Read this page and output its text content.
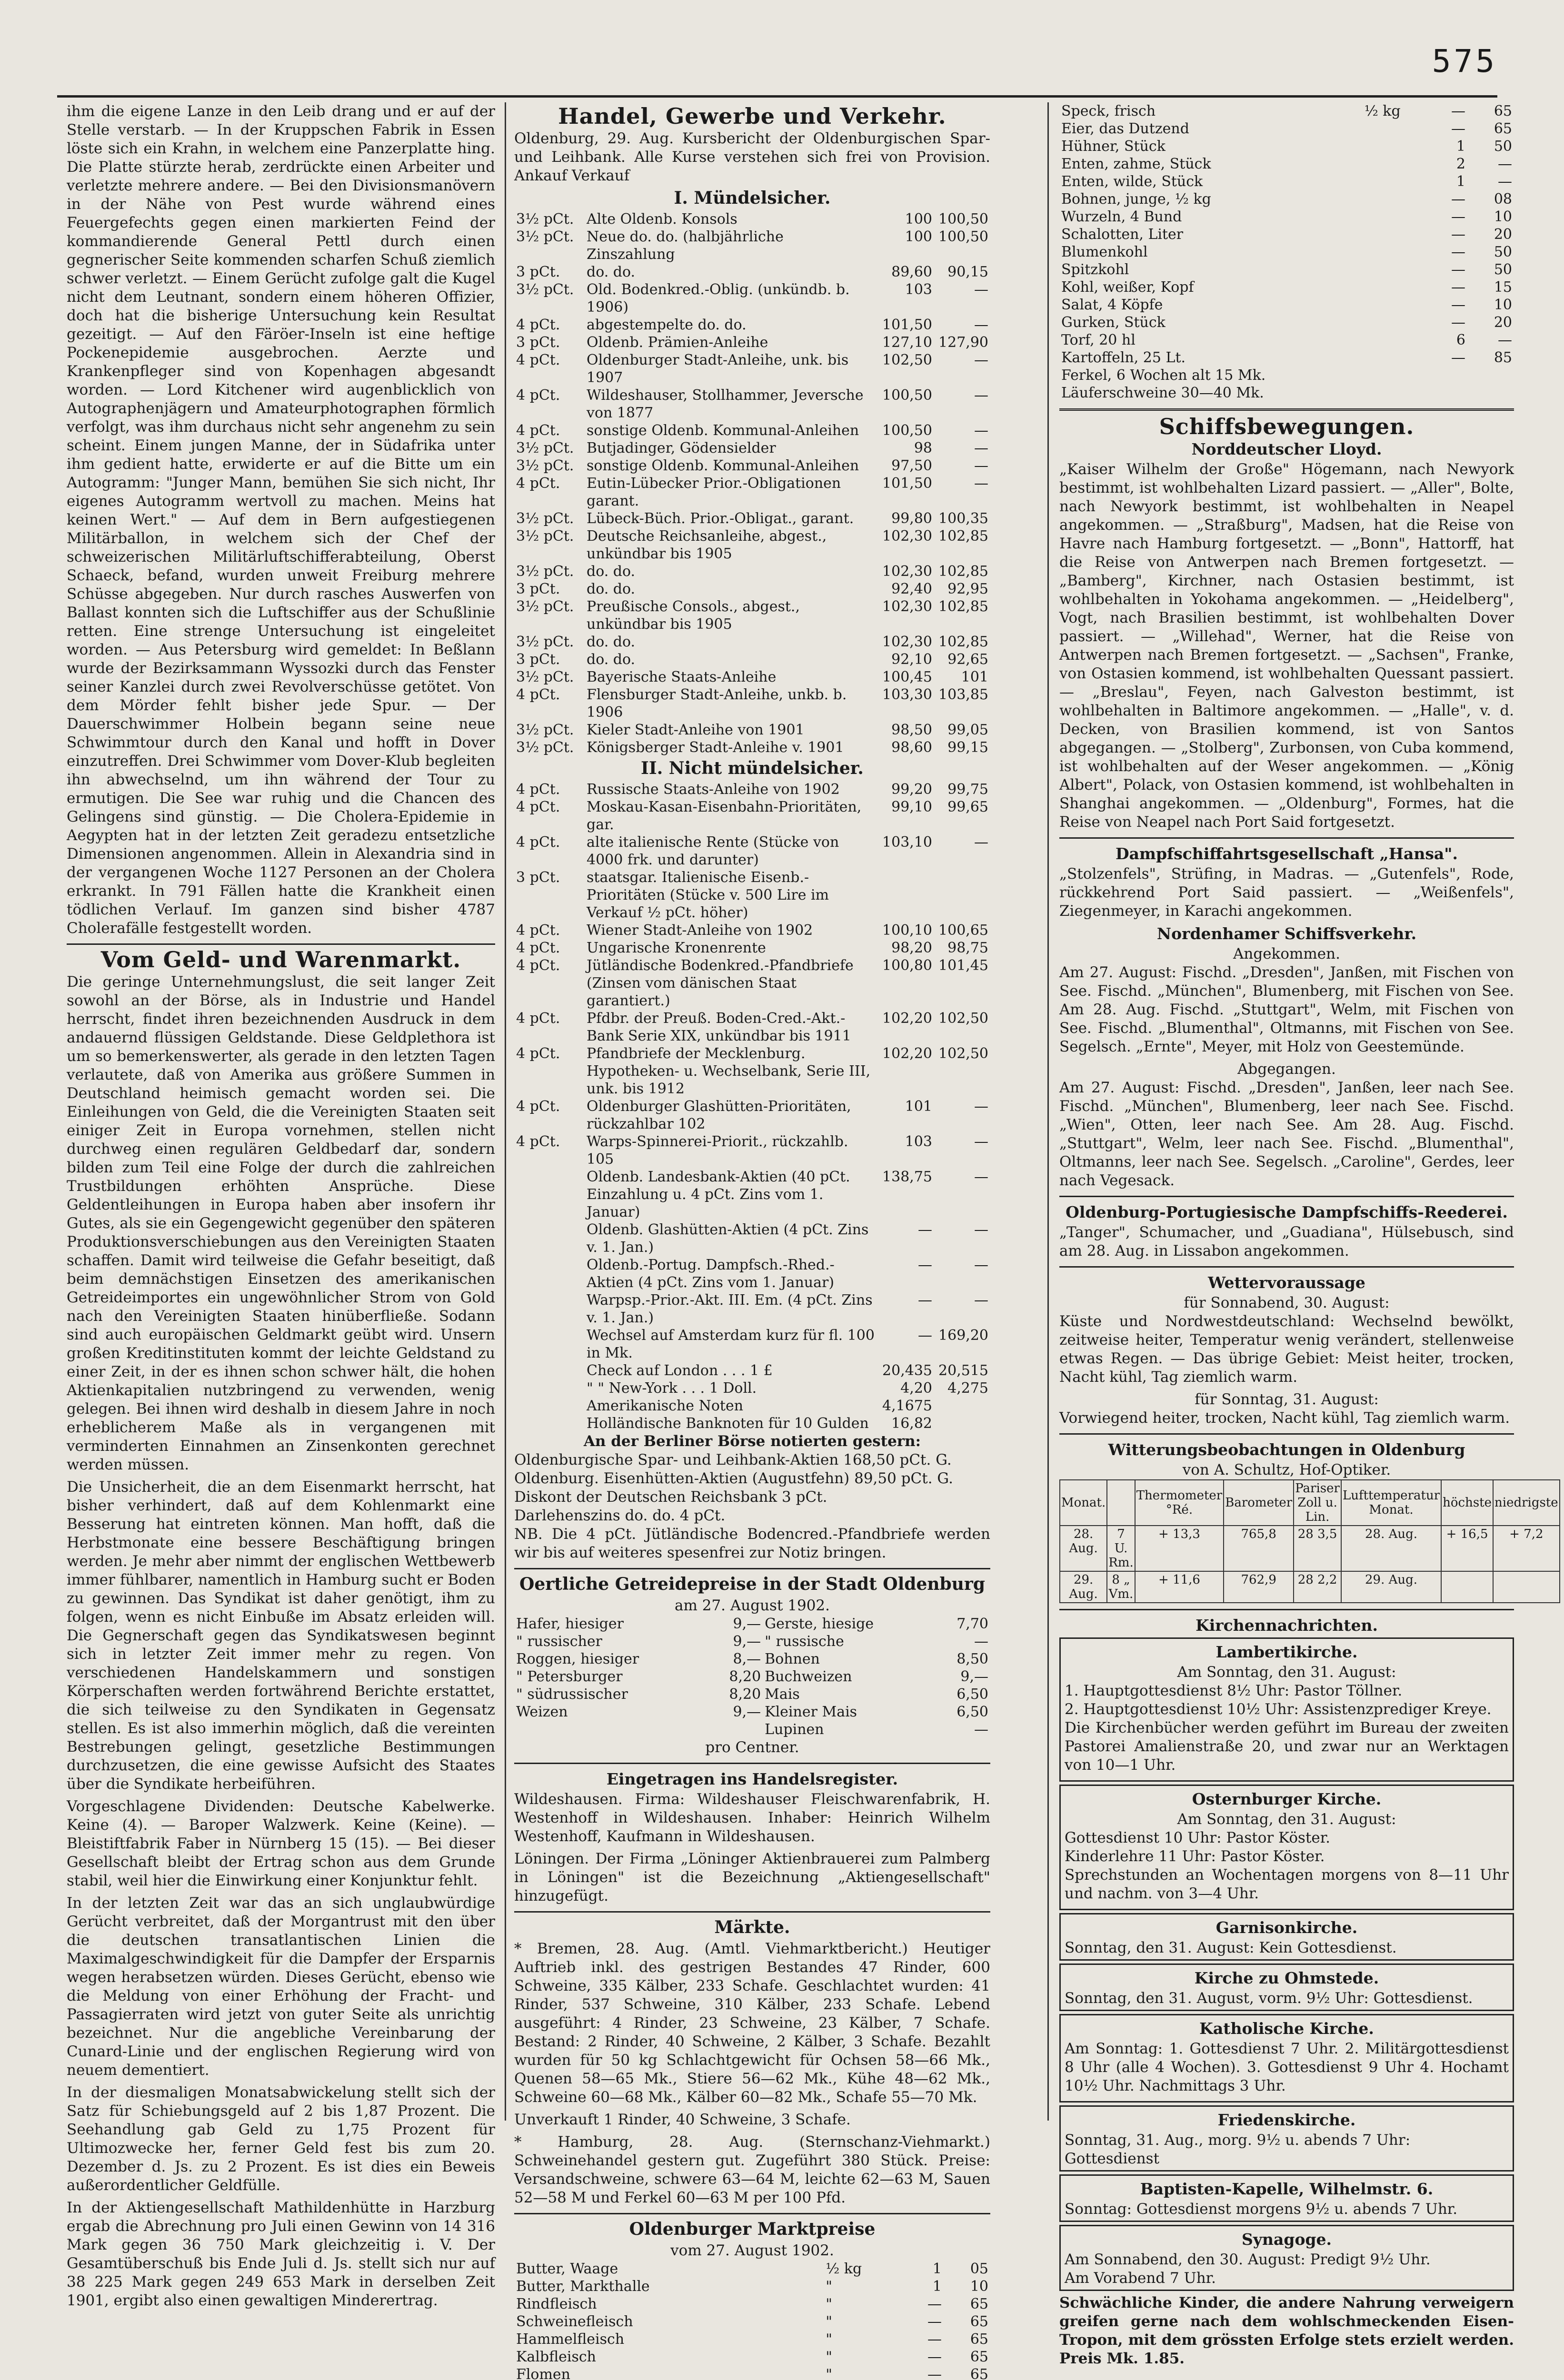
575

ihm die eigene Lanze in den Leib drang und er auf der Stelle verstarb. — In der Kruppschen Fabrik in Essen löste sich ein Krahn, in welchem eine Panzerplatte hing. Die Platte stürzte herab, zerdrückte einen Arbeiter und verletzte mehrere andere. — Bei den Divisionsmanövern in der Nähe von Pest wurde während eines Feuergefechts gegen einen markierten Feind der kommandierende General Pettl durch einen gegnerischer Seite kommenden scharfen Schuß ziemlich schwer verletzt. — Einem Gerücht zufolge galt die Kugel nicht dem Leutnant, sondern einem höheren Offizier, doch hat die bisherige Untersuchung kein Resultat gezeitigt. — Auf den Färöer-Inseln ist eine heftige Pockenepidemie ausgebrochen. Aerzte und Krankenpfleger sind von Kopenhagen abgesandt worden. — Lord Kitchener wird augenblicklich von Autographenjägern und Amateurphotographen förmlich verfolgt, was ihm durchaus nicht sehr angenehm zu sein scheint. Einem jungen Manne, der in Südafrika unter ihm gedient hatte, erwiderte er auf die Bitte um ein Autogramm: "Junger Mann, bemühen Sie sich nicht, Ihr eigenes Autogramm wertvoll zu machen. Meins hat keinen Wert." — Auf dem in Bern aufgestiegenen Militärballon, in welchem sich der Chef der schweizerischen Militärluftschifferabteilung, Oberst Schaeck, befand, wurden unweit Freiburg mehrere Schüsse abgegeben. Nur durch rasches Auswerfen von Ballast konnten sich die Luftschiffer aus der Schußlinie retten. Eine strenge Untersuchung ist eingeleitet worden. — Aus Petersburg wird gemeldet: In Beßlann wurde der Bezirksammann Wyssozki durch das Fenster seiner Kanzlei durch zwei Revolverschüsse getötet. Von dem Mörder fehlt bisher jede Spur. — Der Dauerschwimmer Holbein begann seine neue Schwimmtour durch den Kanal und hofft in Dover einzutreffen. Drei Schwimmer vom Dover-Klub begleiten ihn abwechselnd, um ihn während der Tour zu ermutigen. Die See war ruhig und die Chancen des Gelingens sind günstig. — Die Cholera-Epidemie in Aegypten hat in der letzten Zeit geradezu entsetzliche Dimensionen angenommen. Allein in Alexandria sind in der vergangenen Woche 1127 Personen an der Cholera erkrankt. In 791 Fällen hatte die Krankheit einen tödlichen Verlauf. Im ganzen sind bisher 4787 Cholerafälle festgestellt worden.

Vom Geld- und Warenmarkt.

Die geringe Unternehmungslust, die seit langer Zeit sowohl an der Börse, als in Industrie und Handel herrscht, findet ihren bezeichnenden Ausdruck in dem andauernd flüssigen Geldstande. Diese Geldplethora ist um so bemerkenswerter, als gerade in den letzten Tagen verlautete, daß von Amerika aus größere Summen in Deutschland heimisch gemacht worden sei. Die Einleihungen von Geld, die die Vereinigten Staaten seit einiger Zeit in Europa vornehmen, stellen nicht durchweg einen regulären Geldbedarf dar, sondern bilden zum Teil eine Folge der durch die zahlreichen Trustbildungen erhöhten Ansprüche. Diese Geldentleihungen in Europa haben aber insofern ihr Gutes, als sie ein Gegengewicht gegenüber den späteren Produktionsverschiebungen aus den Vereinigten Staaten schaffen. Damit wird teilweise die Gefahr beseitigt, daß beim demnächstigen Einsetzen des amerikanischen Getreideimportes ein ungewöhnlicher Strom von Gold nach den Vereinigten Staaten hinüberfließe. Sodann sind auch europäischen Geldmarkt geübt wird. Unsern großen Kreditinstituten kommt der leichte Geldstand zu einer Zeit, in der es ihnen schon schwer hält, die hohen Aktienkapitalien nutzbringend zu verwenden, wenig gelegen. Bei ihnen wird deshalb in diesem Jahre in noch erheblicherem Maße als in vergangenen mit verminderten Einnahmen an Zinsenkonten gerechnet werden müssen.

Die Unsicherheit, die an dem Eisenmarkt herrscht, hat bisher verhindert, daß auf dem Kohlenmarkt eine Besserung hat eintreten können. Man hofft, daß die Herbstmonate eine bessere Beschäftigung bringen werden. Je mehr aber nimmt der englischen Wettbewerb immer fühlbarer, namentlich in Hamburg sucht er Boden zu gewinnen. Das Syndikat ist daher genötigt, ihm zu folgen, wenn es nicht Einbuße im Absatz erleiden will. Die Gegnerschaft gegen das Syndikatswesen beginnt sich in letzter Zeit immer mehr zu regen. Von verschiedenen Handelskammern und sonstigen Körperschaften werden fortwährend Berichte erstattet, die sich teilweise zu den Syndikaten in Gegensatz stellen. Es ist also immerhin möglich, daß die vereinten Bestrebungen gelingt, gesetzliche Bestimmungen durchzusetzen, die eine gewisse Aufsicht des Staates über die Syndikate herbeiführen.

Vorgeschlagene Dividenden: Deutsche Kabelwerke. Keine (4). — Baroper Walzwerk. Keine (Keine). — Bleistiftfabrik Faber in Nürnberg 15 (15). — Bei dieser Gesellschaft bleibt der Ertrag schon aus dem Grunde stabil, weil hier die Einwirkung einer Konjunktur fehlt.

In der letzten Zeit war das an sich unglaubwürdige Gerücht verbreitet, daß der Morgantrust mit den über die deutschen transatlantischen Linien die Maximalgeschwindigkeit für die Dampfer der Ersparnis wegen herabsetzen würden. Dieses Gerücht, ebenso wie die Meldung von einer Erhöhung der Fracht- und Passagierraten wird jetzt von guter Seite als unrichtig bezeichnet. Nur die angebliche Vereinbarung der Cunard-Linie und der englischen Regierung wird von neuem dementiert.

In der diesmaligen Monatsabwickelung stellt sich der Satz für Schiebungsgeld auf 2 bis 1,87 Prozent. Die Seehandlung gab Geld zu 1,75 Prozent für Ultimozwecke her, ferner Geld fest bis zum 20. Dezember d. Js. zu 2 Prozent. Es ist dies ein Beweis außerordentlicher Geldfülle.

In der Aktiengesellschaft Mathildenhütte in Harzburg ergab die Abrechnung pro Juli einen Gewinn von 14 316 Mark gegen 36 750 Mark gleichzeitig i. V. Der Gesamtüberschuß bis Ende Juli d. Js. stellt sich nur auf 38 225 Mark gegen 249 653 Mark in derselben Zeit 1901, ergibt also einen gewaltigen Minderertrag.

Handel, Gewerbe und Verkehr.

Oldenburg, 29. Aug. Kursbericht der Oldenburgischen Spar- und Leihbank. Alle Kurse verstehen sich frei von Provision. Ankauf Verkauf

I. Mündelsicher.
3½ pCt.	Alte Oldenb. Konsols	100	100,50
3½ pCt.	Neue do. do. (halbjährliche Zinszahlung	100	100,50
3 pCt.	do. do.	89,60	90,15
3½ pCt.	Old. Bodenkred.-Oblig. (unkündb. b. 1906)	103	—
4 pCt.	abgestempelte do. do.	101,50	—
3 pCt.	Oldenb. Prämien-Anleihe	127,10	127,90
4 pCt.	Oldenburger Stadt-Anleihe, unk. bis 1907	102,50	—
4 pCt.	Wildeshauser, Stollhammer, Jeversche von 1877	100,50	—
4 pCt.	sonstige Oldenb. Kommunal-Anleihen	100,50	—
3½ pCt.	Butjadinger, Gödensielder	98	—
3½ pCt.	sonstige Oldenb. Kommunal-Anleihen	97,50	—
4 pCt.	Eutin-Lübecker Prior.-Obligationen garant.	101,50	—
3½ pCt.	Lübeck-Büch. Prior.-Obligat., garant.	99,80	100,35
3½ pCt.	Deutsche Reichsanleihe, abgest., unkündbar bis 1905	102,30	102,85
3½ pCt.	do. do.	102,30	102,85
3 pCt.	do. do.	92,40	92,95
3½ pCt.	Preußische Consols., abgest., unkündbar bis 1905	102,30	102,85
3½ pCt.	do. do.	102,30	102,85
3 pCt.	do. do.	92,10	92,65
3½ pCt.	Bayerische Staats-Anleihe	100,45	101
4 pCt.	Flensburger Stadt-Anleihe, unkb. b. 1906	103,30	103,85
3½ pCt.	Kieler Stadt-Anleihe von 1901	98,50	99,05
3½ pCt.	Königsberger Stadt-Anleihe v. 1901	98,60	99,15
II. Nicht mündelsicher.
4 pCt.	Russische Staats-Anleihe von 1902	99,20	99,75
4 pCt.	Moskau-Kasan-Eisenbahn-Prioritäten, gar.	99,10	99,65
4 pCt.	alte italienische Rente (Stücke von 4000 frk. und darunter)	103,10	—
3 pCt.	staatsgar. Italienische Eisenb.-Prioritäten (Stücke v. 500 Lire im Verkauf ½ pCt. höher)		
4 pCt.	Wiener Stadt-Anleihe von 1902	100,10	100,65
4 pCt.	Ungarische Kronenrente	98,20	98,75
4 pCt.	Jütländische Bodenkred.-Pfandbriefe (Zinsen vom dänischen Staat garantiert.)	100,80	101,45
4 pCt.	Pfdbr. der Preuß. Boden-Cred.-Akt.-Bank Serie XIX, unkündbar bis 1911	102,20	102,50
4 pCt.	Pfandbriefe der Mecklenburg. Hypotheken- u. Wechselbank, Serie III, unk. bis 1912	102,20	102,50
4 pCt.	Oldenburger Glashütten-Prioritäten, rückzahlbar 102	101	—
4 pCt.	Warps-Spinnerei-Priorit., rückzahlb. 105	103	—
	Oldenb. Landesbank-Aktien (40 pCt. Einzahlung u. 4 pCt. Zins vom 1. Januar)	138,75	—
	Oldenb. Glashütten-Aktien (4 pCt. Zins v. 1. Jan.)	—	—
	Oldenb.-Portug. Dampfsch.-Rhed.-Aktien (4 pCt. Zins vom 1. Januar)	—	—
	Warpsp.-Prior.-Akt. III. Em. (4 pCt. Zins v. 1. Jan.)	—	—
	Wechsel auf Amsterdam kurz für fl. 100 in Mk.	—	169,20
	Check auf London . . . 1 £	20,435	20,515
	" " New-York . . . 1 Doll.	4,20	4,275
	Amerikanische Noten	4,1675	
	Holländische Banknoten für 10 Gulden	16,82	
An der Berliner Börse notierten gestern:
Oldenburgische Spar- und Leihbank-Aktien 168,50 pCt. G.
Oldenburg. Eisenhütten-Aktien (Augustfehn) 89,50 pCt. G.
Diskont der Deutschen Reichsbank 3 pCt.
Darlehenszins do. do. 4 pCt.

NB. Die 4 pCt. Jütländische Bodencred.-Pfandbriefe werden wir bis auf weiteres spesenfrei zur Notiz bringen.

Oertliche Getreidepreise in der Stadt Oldenburg
am 27. August 1902.
Hafer, hiesiger	9,—	Gerste, hiesige	7,70
" russischer	9,—	" russische	—
Roggen, hiesiger	8,—	Bohnen	8,50
" Petersburger	8,20	Buchweizen	9,—
" südrussischer	8,20	Mais	6,50
Weizen	9,—	Kleiner Mais	6,50
		Lupinen	—
pro Centner.
Eingetragen ins Handelsregister.

Wildeshausen. Firma: Wildeshauser Fleischwarenfabrik, H. Westenhoff in Wildeshausen. Inhaber: Heinrich Wilhelm Westenhoff, Kaufmann in Wildeshausen.

Löningen. Der Firma „Löninger Aktienbrauerei zum Palmberg in Löningen" ist die Bezeichnung „Aktiengesellschaft" hinzugefügt.

Märkte.

* Bremen, 28. Aug. (Amtl. Viehmarktbericht.) Heutiger Auftrieb inkl. des gestrigen Bestandes 47 Rinder, 600 Schweine, 335 Kälber, 233 Schafe. Geschlachtet wurden: 41 Rinder, 537 Schweine, 310 Kälber, 233 Schafe. Lebend ausgeführt: 4 Rinder, 23 Schweine, 23 Kälber, 7 Schafe. Bestand: 2 Rinder, 40 Schweine, 2 Kälber, 3 Schafe. Bezahlt wurden für 50 kg Schlachtgewicht für Ochsen 58—66 Mk., Quenen 58—65 Mk., Stiere 56—62 Mk., Kühe 48—62 Mk., Schweine 60—68 Mk., Kälber 60—82 Mk., Schafe 55—70 Mk.

Unverkauft 1 Rinder, 40 Schweine, 3 Schafe.

* Hamburg, 28. Aug. (Sternschanz-Viehmarkt.) Schweinehandel gestern gut. Zugeführt 380 Stück. Preise: Versandschweine, schwere 63—64 M, leichte 62—63 M, Sauen 52—58 M und Ferkel 60—63 M per 100 Pfd.

Oldenburger Marktpreise
vom 27. August 1902.
Butter, Waage	½ kg	1	05
Butter, Markthalle	"	1	10
Rindfleisch	"	—	65
Schweinefleisch	"	—	65
Hammelfleisch	"	—	65
Kalbfleisch	"	—	65
Flomen	"	—	65

Speck, frisch	½ kg	—	65
Eier, das Dutzend		—	65
Hühner, Stück		1	50
Enten, zahme, Stück		2	—
Enten, wilde, Stück		1	—
Bohnen, junge, ½ kg		—	08
Wurzeln, 4 Bund		—	10
Schalotten, Liter		—	20
Blumenkohl		—	50
Spitzkohl		—	50
Kohl, weißer, Kopf		—	15
Salat, 4 Köpfe		—	10
Gurken, Stück		—	20
Torf, 20 hl		6	—
Kartoffeln, 25 Lt.		—	85
Ferkel, 6 Wochen alt 15 Mk.			
Läuferschweine 30—40 Mk.			
Schiffsbewegungen.
Norddeutscher Lloyd.

„Kaiser Wilhelm der Große" Högemann, nach Newyork bestimmt, ist wohlbehalten Lizard passiert. — „Aller", Bolte, nach Newyork bestimmt, ist wohlbehalten in Neapel angekommen. — „Straßburg", Madsen, hat die Reise von Havre nach Hamburg fortgesetzt. — „Bonn", Hattorff, hat die Reise von Antwerpen nach Bremen fortgesetzt. — „Bamberg", Kirchner, nach Ostasien bestimmt, ist wohlbehalten in Yokohama angekommen. — „Heidelberg", Vogt, nach Brasilien bestimmt, ist wohlbehalten Dover passiert. — „Willehad", Werner, hat die Reise von Antwerpen nach Bremen fortgesetzt. — „Sachsen", Franke, von Ostasien kommend, ist wohlbehalten Quessant passiert. — „Breslau", Feyen, nach Galveston bestimmt, ist wohlbehalten in Baltimore angekommen. — „Halle", v. d. Decken, von Brasilien kommend, ist von Santos abgegangen. — „Stolberg", Zurbonsen, von Cuba kommend, ist wohlbehalten auf der Weser angekommen. — „König Albert", Polack, von Ostasien kommend, ist wohlbehalten in Shanghai angekommen. — „Oldenburg", Formes, hat die Reise von Neapel nach Port Said fortgesetzt.

Dampfschiffahrtsgesellschaft „Hansa".

„Stolzenfels", Strüfing, in Madras. — „Gutenfels", Rode, rückkehrend Port Said passiert. — „Weißenfels", Ziegenmeyer, in Karachi angekommen.

Nordenhamer Schiffsverkehr.
Angekommen.

Am 27. August: Fischd. „Dresden", Janßen, mit Fischen von See. Fischd. „München", Blumenberg, mit Fischen von See. Am 28. Aug. Fischd. „Stuttgart", Welm, mit Fischen von See. Fischd. „Blumenthal", Oltmanns, mit Fischen von See. Segelsch. „Ernte", Meyer, mit Holz von Geestemünde.

Abgegangen.

Am 27. August: Fischd. „Dresden", Janßen, leer nach See. Fischd. „München", Blumenberg, leer nach See. Fischd. „Wien", Otten, leer nach See. Am 28. Aug. Fischd. „Stuttgart", Welm, leer nach See. Fischd. „Blumenthal", Oltmanns, leer nach See. Segelsch. „Caroline", Gerdes, leer nach Vegesack.

Oldenburg-Portugiesische Dampfschiffs-Reederei.

„Tanger", Schumacher, und „Guadiana", Hülsebusch, sind am 28. Aug. in Lissabon angekommen.

Wettervoraussage
für Sonnabend, 30. August:

Küste und Nordwestdeutschland: Wechselnd bewölkt, zeitweise heiter, Temperatur wenig verändert, stellenweise etwas Regen. — Das übrige Gebiet: Meist heiter, trocken, Nacht kühl, Tag ziemlich warm.

für Sonntag, 31. August:

Vorwiegend heiter, trocken, Nacht kühl, Tag ziemlich warm.

Witterungsbeobachtungen in Oldenburg
von A. Schultz, Hof-Optiker.
Monat.		Thermometer °Ré.	Barometer	Pariser Zoll u. Lin.	Lufttemperatur Monat.	höchste	niedrigste
28. Aug.	7 U. Rm.	+ 13,3	765,8	28 3,5	28. Aug.	+ 16,5	+ 7,2
29. Aug.	8 „ Vm.	+ 11,6	762,9	28 2,2	29. Aug.		
Kirchennachrichten.
Lambertikirche.
Am Sonntag, den 31. August:
1. Hauptgottesdienst 8½ Uhr: Pastor Töllner.
2. Hauptgottesdienst 10½ Uhr: Assistenzprediger Kreye.

Die Kirchenbücher werden geführt im Bureau der zweiten Pastorei Amalienstraße 20, und zwar nur an Werktagen von 10—1 Uhr.

Osternburger Kirche.
Am Sonntag, den 31. August:
Gottesdienst 10 Uhr: Pastor Köster.
Kinderlehre 11 Uhr: Pastor Köster.

Sprechstunden an Wochentagen morgens von 8—11 Uhr und nachm. von 3—4 Uhr.

Garnisonkirche.
Sonntag, den 31. August: Kein Gottesdienst.
Kirche zu Ohmstede.
Sonntag, den 31. August, vorm. 9½ Uhr: Gottesdienst.
Katholische Kirche.

Am Sonntag: 1. Gottesdienst 7 Uhr. 2. Militärgottesdienst 8 Uhr (alle 4 Wochen). 3. Gottesdienst 9 Uhr 4. Hochamt 10½ Uhr. Nachmittags 3 Uhr.

Friedenskirche.
Sonntag, 31. Aug., morg. 9½ u. abends 7 Uhr: Gottesdienst
Baptisten-Kapelle, Wilhelmstr. 6.
Sonntag: Gottesdienst morgens 9½ u. abends 7 Uhr.
Synagoge.
Am Sonnabend, den 30. August: Predigt 9½ Uhr.
Am Vorabend 7 Uhr.

Schwächliche Kinder, die andere Nahrung verweigern greifen gerne nach dem wohlschmeckenden Eisen-Tropon, mit dem grössten Erfolge stets erzielt werden. Preis Mk. 1.85.
